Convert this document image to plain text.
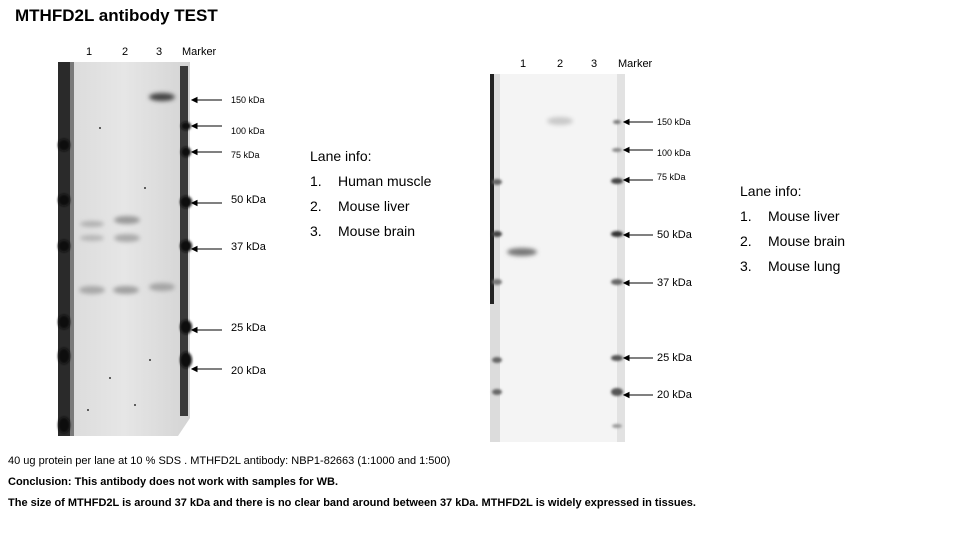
MTHFD2L antibody TEST
1	2	3 Marker
150 kDa
100 kDa
75 kDa
50 kDa
37 kDa
25 kDa
20 kDa
Lane info:
1. Human muscle
2. Mouse liver
3. Mouse brain
1	2	3 Marker
150 kDa
100 kDa
75 kDa
50 kDa
37 kDa
25 kDa
20 kDa
Lane info:
1. Mouse liver
2. Mouse brain
3. Mouse lung
40 ug protein per lane at 10 % SDS . MTHFD2L antibody: NBP1-82663 (1:1000 and 1:500)
Conclusion: This antibody does not work with samples for WB.
The size of MTHFD2L is around 37 kDa and there is no clear band around between 37 kDa. MTHFD2L is widely expressed in tissues.
